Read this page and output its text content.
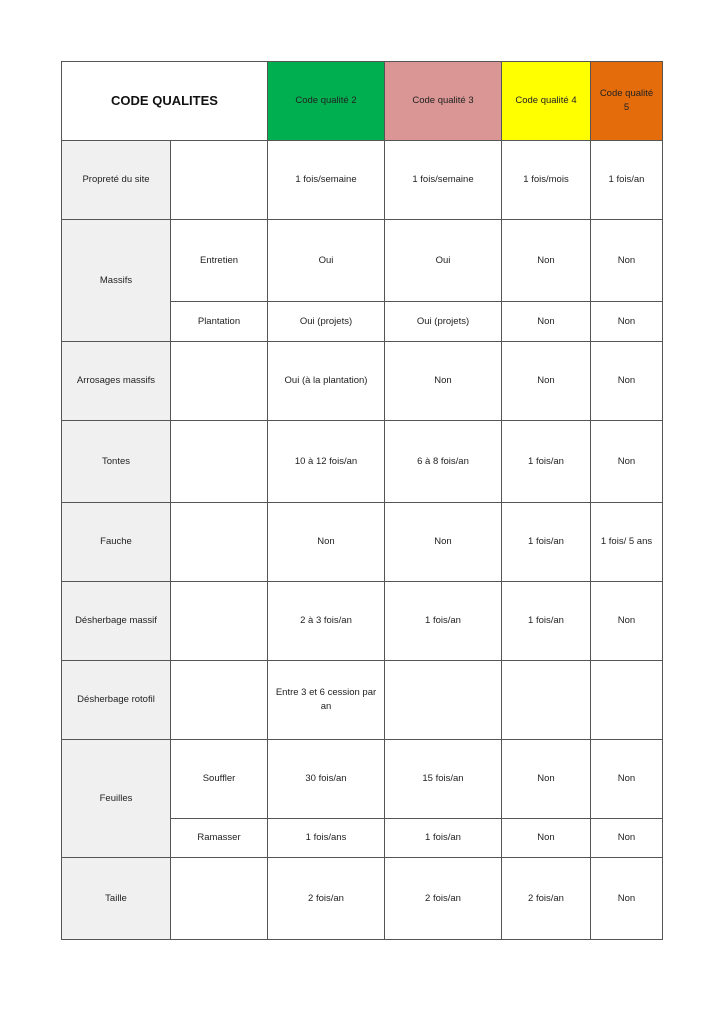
CODE QUALITES		Code qualité 2	Code qualité 3	Code qualité 4	Code qualité 5
Propreté du site		1 fois/semaine	1 fois/semaine	1 fois/mois	1 fois/an
Massifs	Entretien	Oui	Oui	Non	Non
	Plantation	Oui (projets)	Oui (projets)	Non	Non
Arrosages massifs		Oui (à la plantation)	Non	Non	Non
Tontes		10 à 12 fois/an	6 à 8 fois/an	1 fois/an	Non
Fauche		Non	Non	1 fois/an	1 fois/ 5 ans
Désherbage massif		2 à 3 fois/an	1 fois/an	1 fois/an	Non
Désherbage rotofil		Entre 3 et 6 cession par an			
Feuilles	Souffler	30 fois/an	15 fois/an	Non	Non
	Ramasser	1 fois/ans	1 fois/an	Non	Non
Taille		2 fois/an	2 fois/an	2 fois/an	Non
